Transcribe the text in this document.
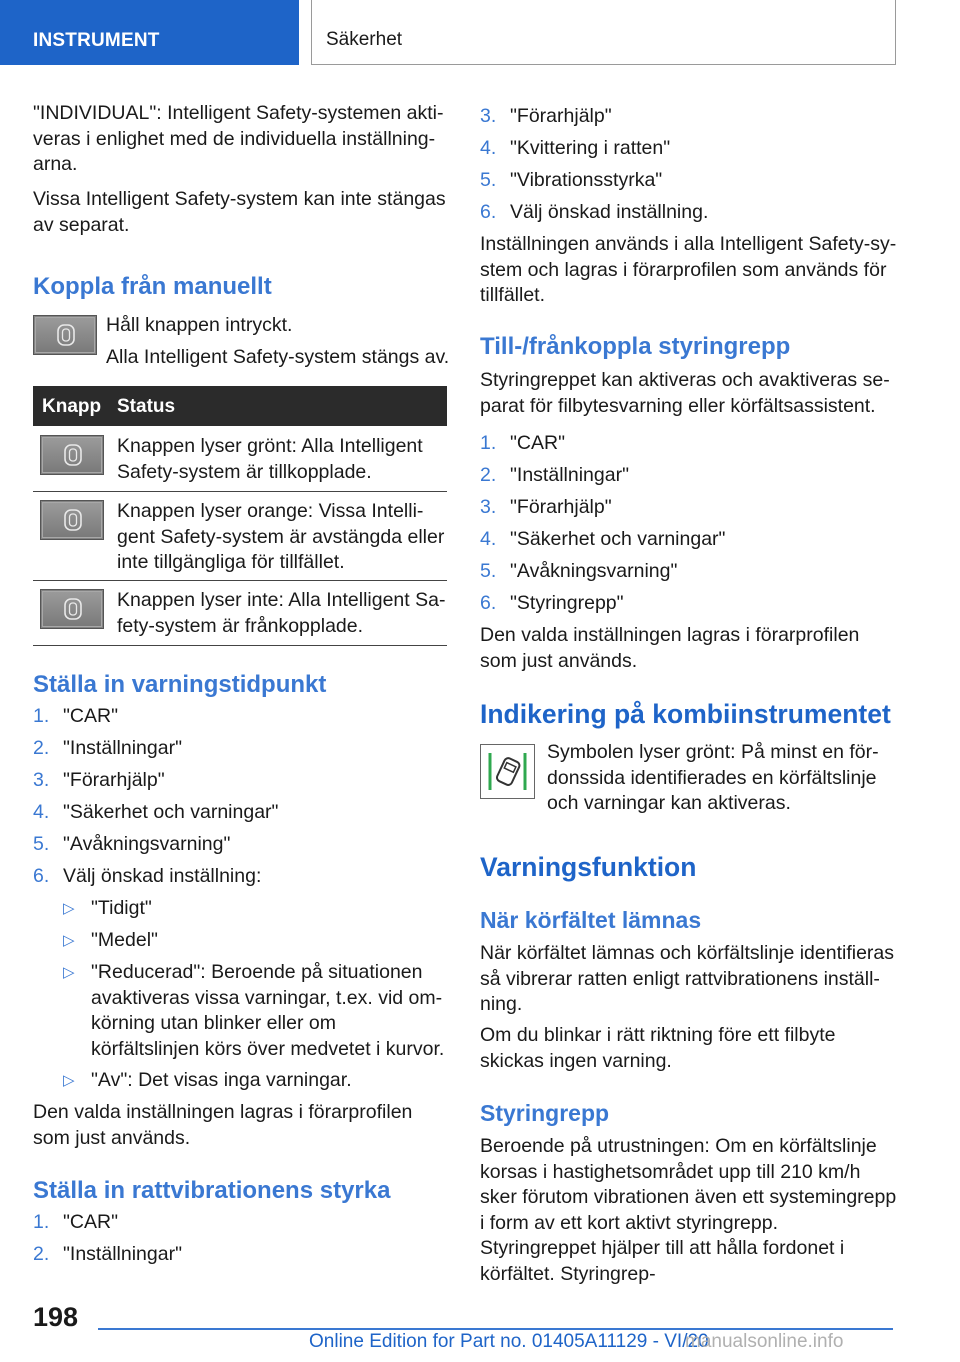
INSTRUMENT	Säkerhet
"INDIVIDUAL": Intelligent Safety-systemen akti-veras i enlighet med de individuella inställning-arna.
Vissa Intelligent Safety-system kan inte stängas av separat.
Koppla från manuellt
Håll knappen intryckt.
Alla Intelligent Safety-system stängs av.
Knapp Status
Knappen lyser grönt: Alla Intelligent Safety-system är tillkopplade.
Knappen lyser orange: Vissa Intelli-gent Safety-system är avstängda eller inte tillgängliga för tillfället.
Knappen lyser inte: Alla Intelligent Sa-fety-system är frånkopplade.
Ställa in varningstidpunkt
1. "CAR"
2. "Inställningar"
3. "Förarhjälp"
4. "Säkerhet och varningar"
5. "Avåkningsvarning"
6. Välj önskad inställning:
▷ "Tidigt"
▷ "Medel"
▷ "Reducerad": Beroende på situationen avaktiveras vissa varningar, t.ex. vid om-körning utan blinker eller om körfältslinjen körs över medvetet i kurvor.
▷ "Av": Det visas inga varningar.
Den valda inställningen lagras i förarprofilen som just används.
Ställa in rattvibrationens styrka
1. "CAR"
2. "Inställningar"
3. "Förarhjälp"
4. "Kvittering i ratten"
5. "Vibrationsstyrka"
6. Välj önskad inställning.
Inställningen används i alla Intelligent Safety-sy-stem och lagras i förarprofilen som används för tillfället.
Till-/frånkoppla styringrepp
Styringreppet kan aktiveras och avaktiveras se-parat för filbytesvarning eller körfältsassistent.
1. "CAR"
2. "Inställningar"
3. "Förarhjälp"
4. "Säkerhet och varningar"
5. "Avåkningsvarning"
6. "Styringrepp"
Den valda inställningen lagras i förarprofilen som just används.
Indikering på kombiinstrumentet
Symbolen lyser grönt: På minst en för-donssida identifierades en körfältslinje och varningar kan aktiveras.
Varningsfunktion
När körfältet lämnas
När körfältet lämnas och körfältslinje identifieras så vibrerar ratten enligt rattvibrationens inställ-ning.
Om du blinkar i rätt riktning före ett filbyte skickas ingen varning.
Styringrepp
Beroende på utrustningen: Om en körfältslinje korsas i hastighetsområdet upp till 210 km/h sker förutom vibrationen även ett systemingrepp i form av ett kort aktivt styringrepp. Styringreppet hjälper till att hålla fordonet i körfältet. Styringrep-
198
Online Edition for Part no. 01405A11129 - VI/20
manualsonline.info
